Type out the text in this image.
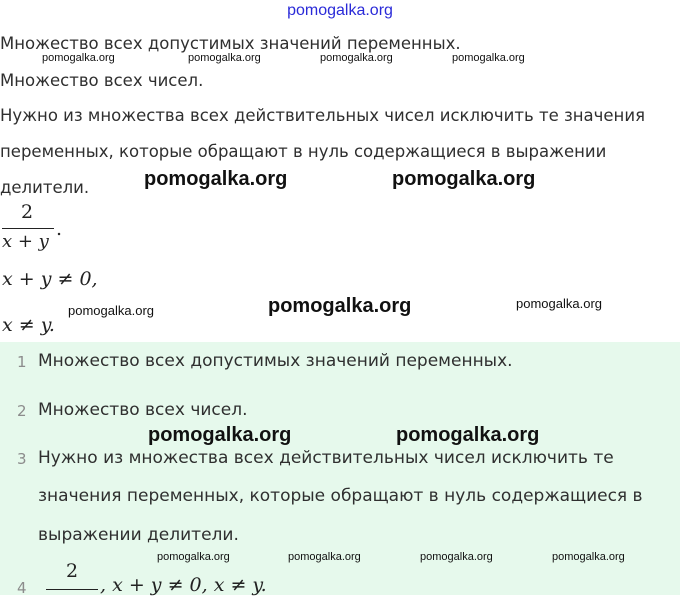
pomogalka.org
Множество всех допустимых значений переменных.
Множество всех чисел.
Нужно из множества всех действительных чисел исключить те значения
переменных, которые обращают в нуль содержащиеся в выражении
делители.
2
x + y
.
x + y ≠ 0,
x ≠ y.
pomogalka.org	pomogalka.org	pomogalka.org	pomogalka.org
pomogalka.org	pomogalka.org
pomogalka.org	pomogalka.org	pomogalka.org
1 Множество всех допустимых значений переменных.
2 Множество всех чисел.
pomogalka.org	pomogalka.org
3 Нужно из множества всех действительных чисел исключить те
значения переменных, которые обращают в нуль содержащиеся в
выражении делители.
pomogalka.org	pomogalka.org	pomogalka.org	pomogalka.org
4
2
, x + y ≠ 0, x ≠ y.
